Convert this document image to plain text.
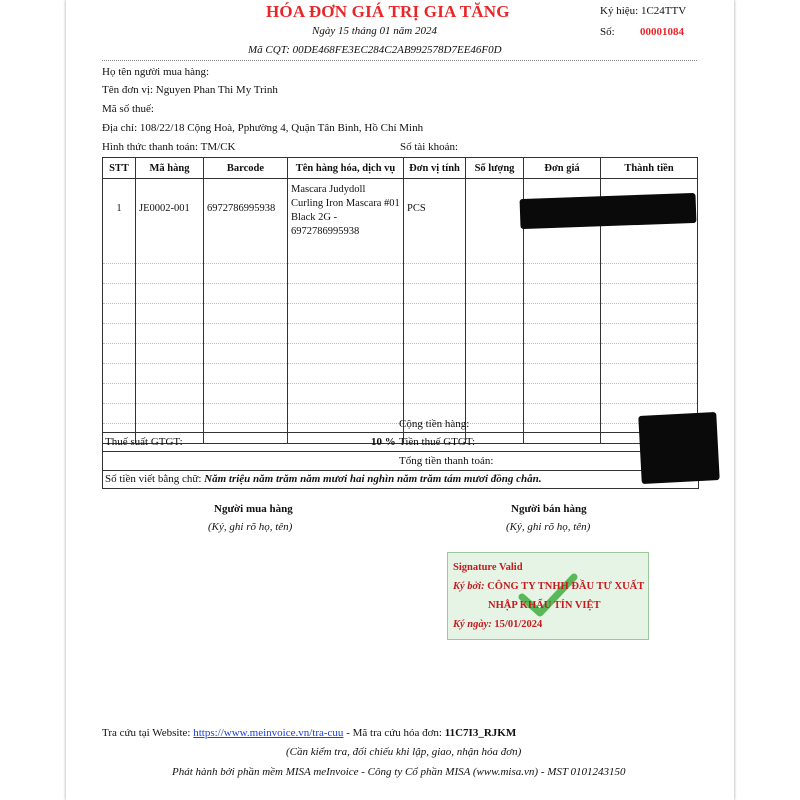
HÓA ĐƠN GIÁ TRỊ GIA TĂNG
Ngày 15 tháng 01 năm 2024
Mã CQT: 00DE468FE3EC284C2AB992578D7EE46F0D
Ký hiệu: 1C24TTV
Số: 00001084
Họ tên người mua hàng:
Tên đơn vị: Nguyen Phan Thi My Trinh
Mã số thuế:
Địa chỉ: 108/22/18 Cộng Hoà, Pphường 4, Quận Tân Bình, Hồ Chí Minh
Hình thức thanh toán: TM/CK	Số tài khoản:
STT	Mã hàng	Barcode	Tên hàng hóa, dịch vụ	Đơn vị tính	Số lượng	Đơn giá	Thành tiền
1	JE0002-001	6972786995938	Mascara Judydoll Curling Iron Mascara #01 Black 2G - 6972786995938	PCS			

Cộng tiền hàng:
Thuế suất GTGT:	10 % Tiền thuế GTGT:
Tổng tiền thanh toán:
Số tiền viết bằng chữ: Năm triệu năm trăm năm mươi hai nghìn năm trăm tám mươi đồng chẵn.
Người mua hàng
(Ký, ghi rõ họ, tên)
Người bán hàng
(Ký, ghi rõ họ, tên)
Signature Valid
Ký bởi: CÔNG TY TNHH ĐẦU TƯ XUẤT
NHẬP KHẨU TÍN VIỆT
Ký ngày: 15/01/2024
Tra cứu tại Website: https://www.meinvoice.vn/tra-cuu - Mã tra cứu hóa đơn: 11C7I3_RJKM
(Cần kiểm tra, đối chiếu khi lập, giao, nhận hóa đơn)
Phát hành bởi phần mềm MISA meInvoice - Công ty Cổ phần MISA (www.misa.vn) - MST 0101243150
